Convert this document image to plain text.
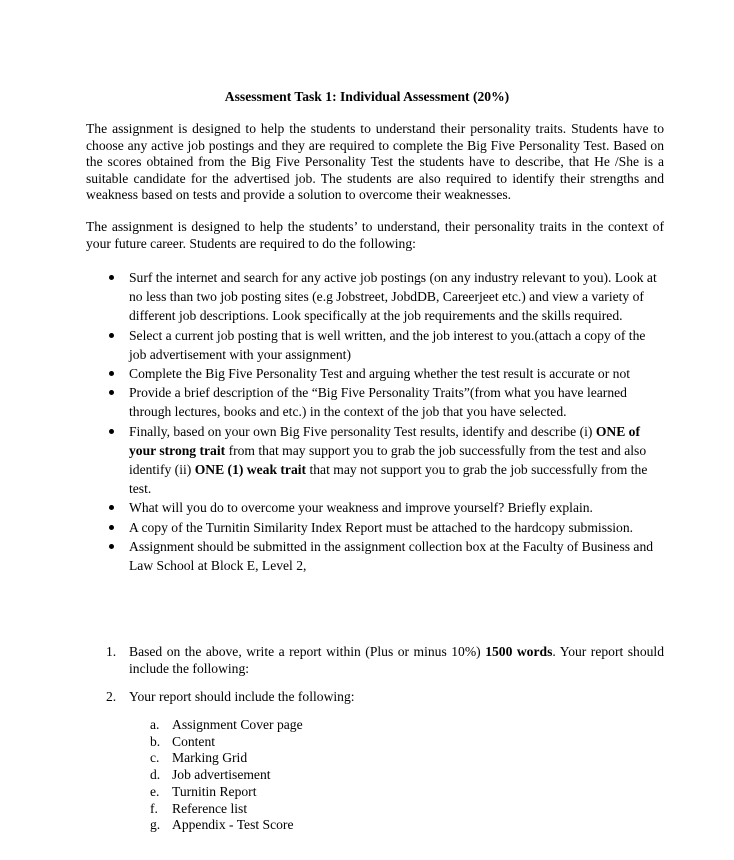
Assessment Task 1: Individual Assessment (20%)
The assignment is designed to help the students to understand their personality traits. Students have to choose any active job postings and they are required to complete the Big Five Personality Test. Based on the scores obtained from the Big Five Personality Test the students have to describe, that He /She is a suitable candidate for the advertised job. The students are also required to identify their strengths and weakness based on tests and provide a solution to overcome their weaknesses.
The assignment is designed to help the students’ to understand, their personality traits in the context of your future career. Students are required to do the following:
Surf the internet and search for any active job postings (on any industry relevant to you). Look at no less than two job posting sites (e.g Jobstreet, JobdDB, Careerjeet etc.) and view a variety of different job descriptions. Look specifically at the job requirements and the skills required.
Select a current job posting that is well written, and the job interest to you.(attach a copy of the job advertisement with your assignment)
Complete the Big Five Personality Test and arguing whether the test result is accurate or not
Provide a brief description of the “Big Five Personality Traits”(from what you have learned through lectures, books and etc.) in the context of the job that you have selected.
Finally, based on your own Big Five personality Test results, identify and describe (i) ONE of your strong trait from that may support you to grab the job successfully from the test and also identify (ii) ONE (1) weak trait that may not support you to grab the job successfully from the test.
What will you do to overcome your weakness and improve yourself? Briefly explain.
A copy of the Turnitin Similarity Index Report must be attached to the hardcopy submission.
Assignment should be submitted in the assignment collection box at the Faculty of Business and Law School at Block E, Level 2,
1. Based on the above, write a report within (Plus or minus 10%) 1500 words. Your report should include the following:
2. Your report should include the following:
a. Assignment Cover page
b. Content
c. Marking Grid
d. Job advertisement
e. Turnitin Report
f. Reference list
g. Appendix - Test Score
